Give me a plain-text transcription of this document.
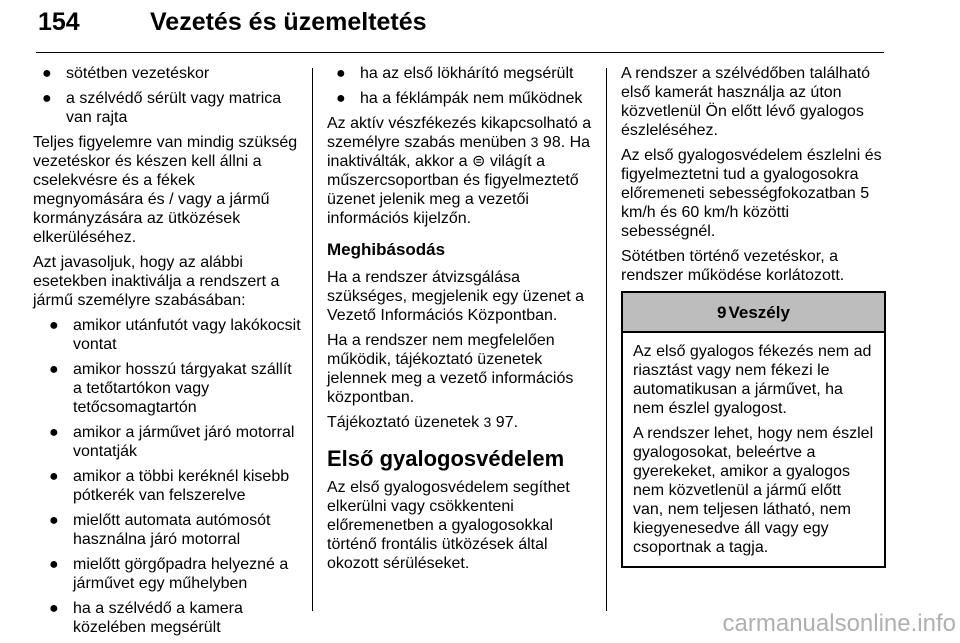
154	Vezetés és üzemeltetés
● sötétben vezetéskor
● a szélvédő sérült vagy matrica van rajta

Teljes figyelemre van mindig szükség vezetéskor és készen kell állni a cselekvésre és a fékek megnyomására és / vagy a jármű kormányzására az ütközések elkerüléséhez.

Azt javasoljuk, hogy az alábbi esetekben inaktiválja a rendszert a jármű személyre szabásában:

● amikor utánfutót vagy lakókocsit vontat
● amikor hosszú tárgyakat szállít a tetőtartókon vagy tetőcsomagtartón
● amikor a járművet járó motorral vontatják
● amikor a többi keréknél kisebb pótkerék van felszerelve
● mielőtt automata autómosót használna járó motorral
● mielőtt görgőpadra helyezné a járművet egy műhelyben
● ha a szélvédő a kamera közelében megsérült
● ha az első lökhárító megsérült
● ha a féklámpák nem működnek

Az aktív vészfékezés kikapcsolható a személyre szabás menüben 3 98. Ha inaktiválták, akkor a ⊜ világít a műszercsoportban és figyelmeztető üzenet jelenik meg a vezetői információs kijelzőn.

Meghibásodás

Ha a rendszer átvizsgálása szükséges, megjelenik egy üzenet a Vezető Információs Központban.

Ha a rendszer nem megfelelően működik, tájékoztató üzenetek jelennek meg a vezető információs központban.

Tájékoztató üzenetek 3 97.

Első gyalogosvédelem

Az első gyalogosvédelem segíthet elkerülni vagy csökkenteni előremenetben a gyalogosokkal történő frontális ütközések által okozott sérüléseket.

A rendszer a szélvédőben található első kamerát használja az úton közvetlenül Ön előtt lévő gyalogos észleléséhez.

Az első gyalogosvédelem észlelni és figyelmeztetni tud a gyalogosokra előremeneti sebességfokozatban 5 km/h és 60 km/h közötti sebességnél.

Sötétben történő vezetéskor, a rendszer működése korlátozott.

9 Veszély

Az első gyalogos fékezés nem ad riasztást vagy nem fékezi le automatikusan a járművet, ha nem észlel gyalogost.

A rendszer lehet, hogy nem észlel gyalogosokat, beleértve a gyerekeket, amikor a gyalogos nem közvetlenül a jármű előtt van, nem teljesen látható, nem kiegyenesedve áll vagy egy csoportnak a tagja.

carmanualsonline.info
